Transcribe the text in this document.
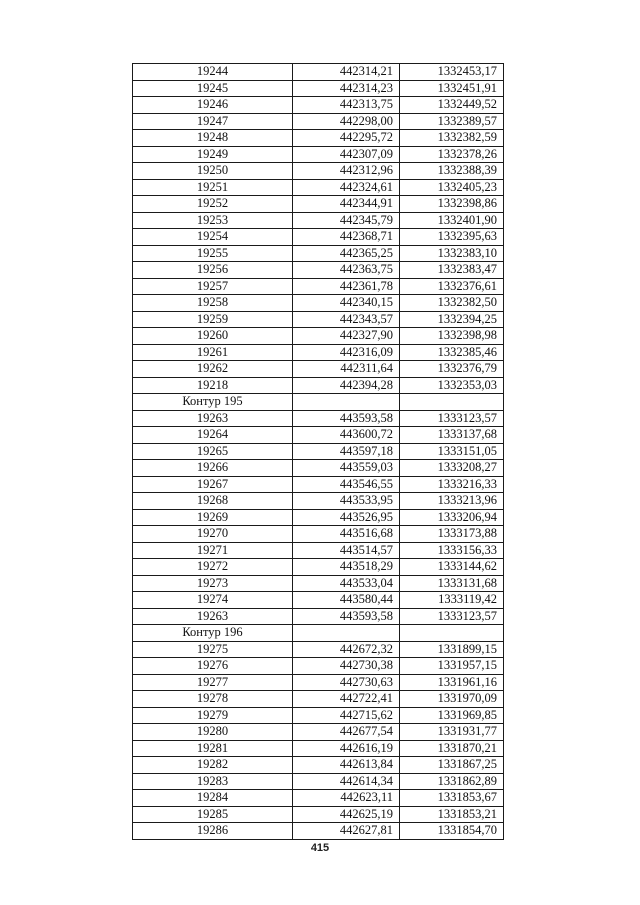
19244	442314,21	1332453,17
19245	442314,23	1332451,91
19246	442313,75	1332449,52
19247	442298,00	1332389,57
19248	442295,72	1332382,59
19249	442307,09	1332378,26
19250	442312,96	1332388,39
19251	442324,61	1332405,23
19252	442344,91	1332398,86
19253	442345,79	1332401,90
19254	442368,71	1332395,63
19255	442365,25	1332383,10
19256	442363,75	1332383,47
19257	442361,78	1332376,61
19258	442340,15	1332382,50
19259	442343,57	1332394,25
19260	442327,90	1332398,98
19261	442316,09	1332385,46
19262	442311,64	1332376,79
19218	442394,28	1332353,03
Контур 195		
19263	443593,58	1333123,57
19264	443600,72	1333137,68
19265	443597,18	1333151,05
19266	443559,03	1333208,27
19267	443546,55	1333216,33
19268	443533,95	1333213,96
19269	443526,95	1333206,94
19270	443516,68	1333173,88
19271	443514,57	1333156,33
19272	443518,29	1333144,62
19273	443533,04	1333131,68
19274	443580,44	1333119,42
19263	443593,58	1333123,57
Контур 196		
19275	442672,32	1331899,15
19276	442730,38	1331957,15
19277	442730,63	1331961,16
19278	442722,41	1331970,09
19279	442715,62	1331969,85
19280	442677,54	1331931,77
19281	442616,19	1331870,21
19282	442613,84	1331867,25
19283	442614,34	1331862,89
19284	442623,11	1331853,67
19285	442625,19	1331853,21
19286	442627,81	1331854,70
415
